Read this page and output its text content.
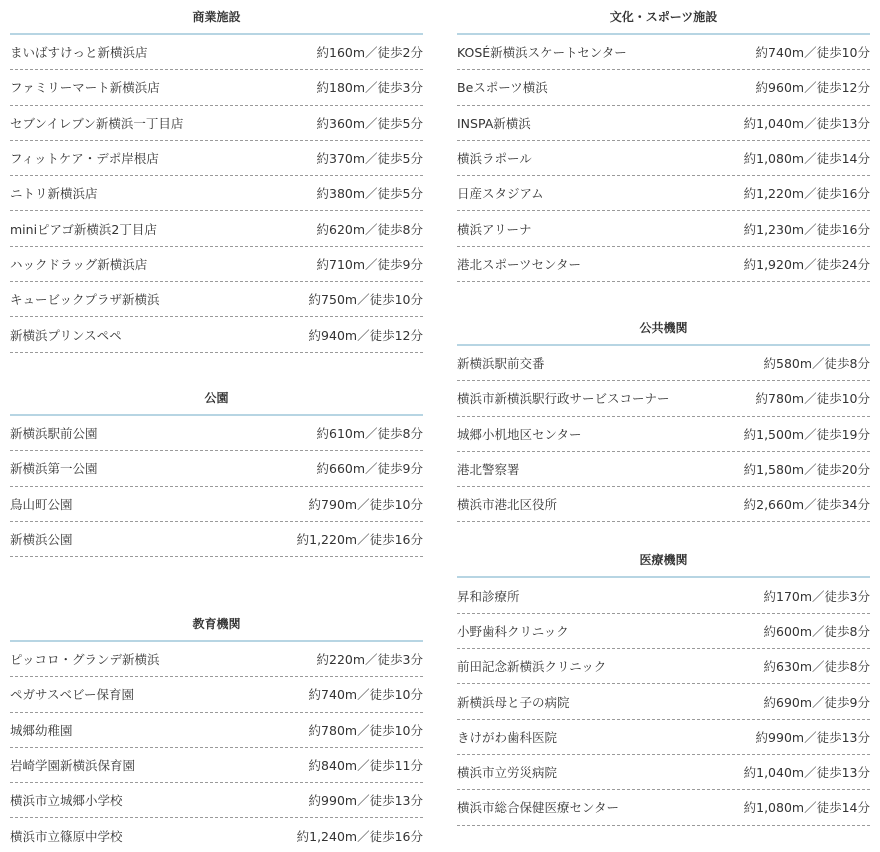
商業施設
まいばすけっと新横浜店	約160m／徒歩2分
ファミリーマート新横浜店	約180m／徒歩3分
セブンイレブン新横浜一丁目店	約360m／徒歩5分
フィットケア・デポ岸根店	約370m／徒歩5分
ニトリ新横浜店	約380m／徒歩5分
miniピアゴ新横浜2丁目店	約620m／徒歩8分
ハックドラッグ新横浜店	約710m／徒歩9分
キュービックプラザ新横浜	約750m／徒歩10分
新横浜プリンスペペ	約940m／徒歩12分
公園
新横浜駅前公園	約610m／徒歩8分
新横浜第一公園	約660m／徒歩9分
鳥山町公園	約790m／徒歩10分
新横浜公園	約1,220m／徒歩16分
教育機関
ピッコロ・グランデ新横浜	約220m／徒歩3分
ペガサスベビー保育園	約740m／徒歩10分
城郷幼稚園	約780m／徒歩10分
岩崎学園新横浜保育園	約840m／徒歩11分
横浜市立城郷小学校	約990m／徒歩13分
横浜市立篠原中学校	約1,240m／徒歩16分
文化・スポーツ施設
KOSÉ新横浜スケートセンター	約740m／徒歩10分
Beスポーツ横浜	約960m／徒歩12分
INSPA新横浜	約1,040m／徒歩13分
横浜ラポール	約1,080m／徒歩14分
日産スタジアム	約1,220m／徒歩16分
横浜アリーナ	約1,230m／徒歩16分
港北スポーツセンター	約1,920m／徒歩24分
公共機関
新横浜駅前交番	約580m／徒歩8分
横浜市新横浜駅行政サービスコーナー	約780m／徒歩10分
城郷小机地区センター	約1,500m／徒歩19分
港北警察署	約1,580m／徒歩20分
横浜市港北区役所	約2,660m／徒歩34分
医療機関
昇和診療所	約170m／徒歩3分
小野歯科クリニック	約600m／徒歩8分
前田記念新横浜クリニック	約630m／徒歩8分
新横浜母と子の病院	約690m／徒歩9分
きけがわ歯科医院	約990m／徒歩13分
横浜市立労災病院	約1,040m／徒歩13分
横浜市総合保健医療センター	約1,080m／徒歩14分
